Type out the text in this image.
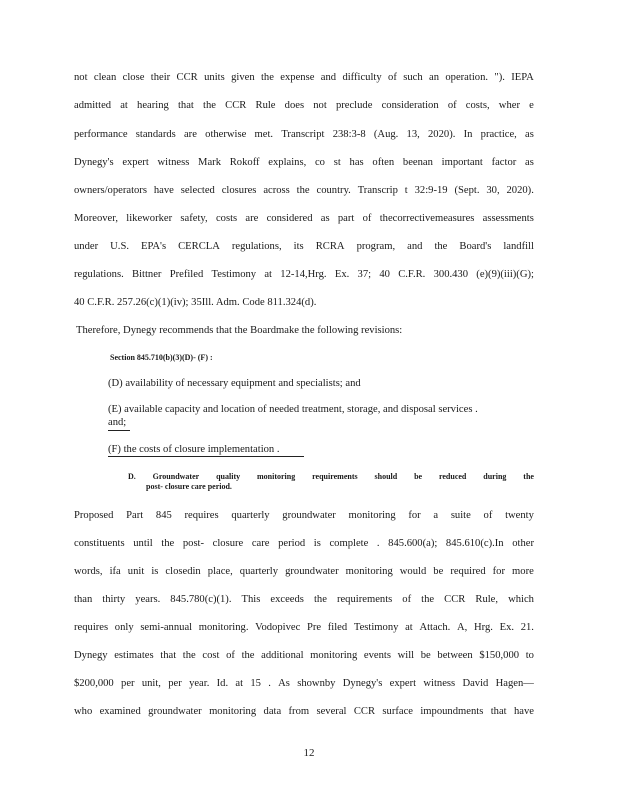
not clean close their CCR units given the expense and difficulty of such an operation. "). IEPA
admitted at hearing that the CCR Rule does not preclude consideration of costs, wher e
performance standards are otherwise met. Transcript 238:3-8 (Aug. 13, 2020). In practice, as
Dynegy's expert witness Mark Rokoff explains, co st has often beenan important factor as
owners/operators have selected closures across the country. Transcrip t 32:9-19 (Sept. 30, 2020).
Moreover, likeworker safety, costs are considered as part of thecorrectivemeasures assessments
under U.S. EPA's CERCLA regulations, its RCRA program, and the Board's landfill
regulations. Bittner Prefiled Testimony at 12-14,Hrg. Ex. 37; 40 C.F.R. 300.430 (e)(9)(iii)(G);
40 C.F.R. 257.26(c)(1)(iv); 35Ill. Adm. Code 811.324(d).
Therefore, Dynegy recommends that the Boardmake the following revisions:
Section 845.710(b)(3)(D)- (F) :
(D) availability of necessary equipment and specialists; and
(E) available capacity and location of needed treatment, storage, and disposal services .
and;
(F) the costs of closure implementation .
D. Groundwater quality monitoring requirements should be reduced during the
post- closure care period.
Proposed Part 845 requires quarterly groundwater monitoring for a suite of twenty
constituents until the post- closure care period is complete . 845.600(a); 845.610(c).In other
words, ifa unit is closedin place, quarterly groundwater monitoring would be required for more
than thirty years. 845.780(c)(1). This exceeds the requirements of the CCR Rule, which
requires only semi-annual monitoring. Vodopivec Pre filed Testimony at Attach. A, Hrg. Ex. 21.
Dynegy estimates that the cost of the additional monitoring events will be between $150,000 to
$200,000 per unit, per year. Id. at 15 . As shownby Dynegy's expert witness David Hagen—
who examined groundwater monitoring data from several CCR surface impoundments that have
12
